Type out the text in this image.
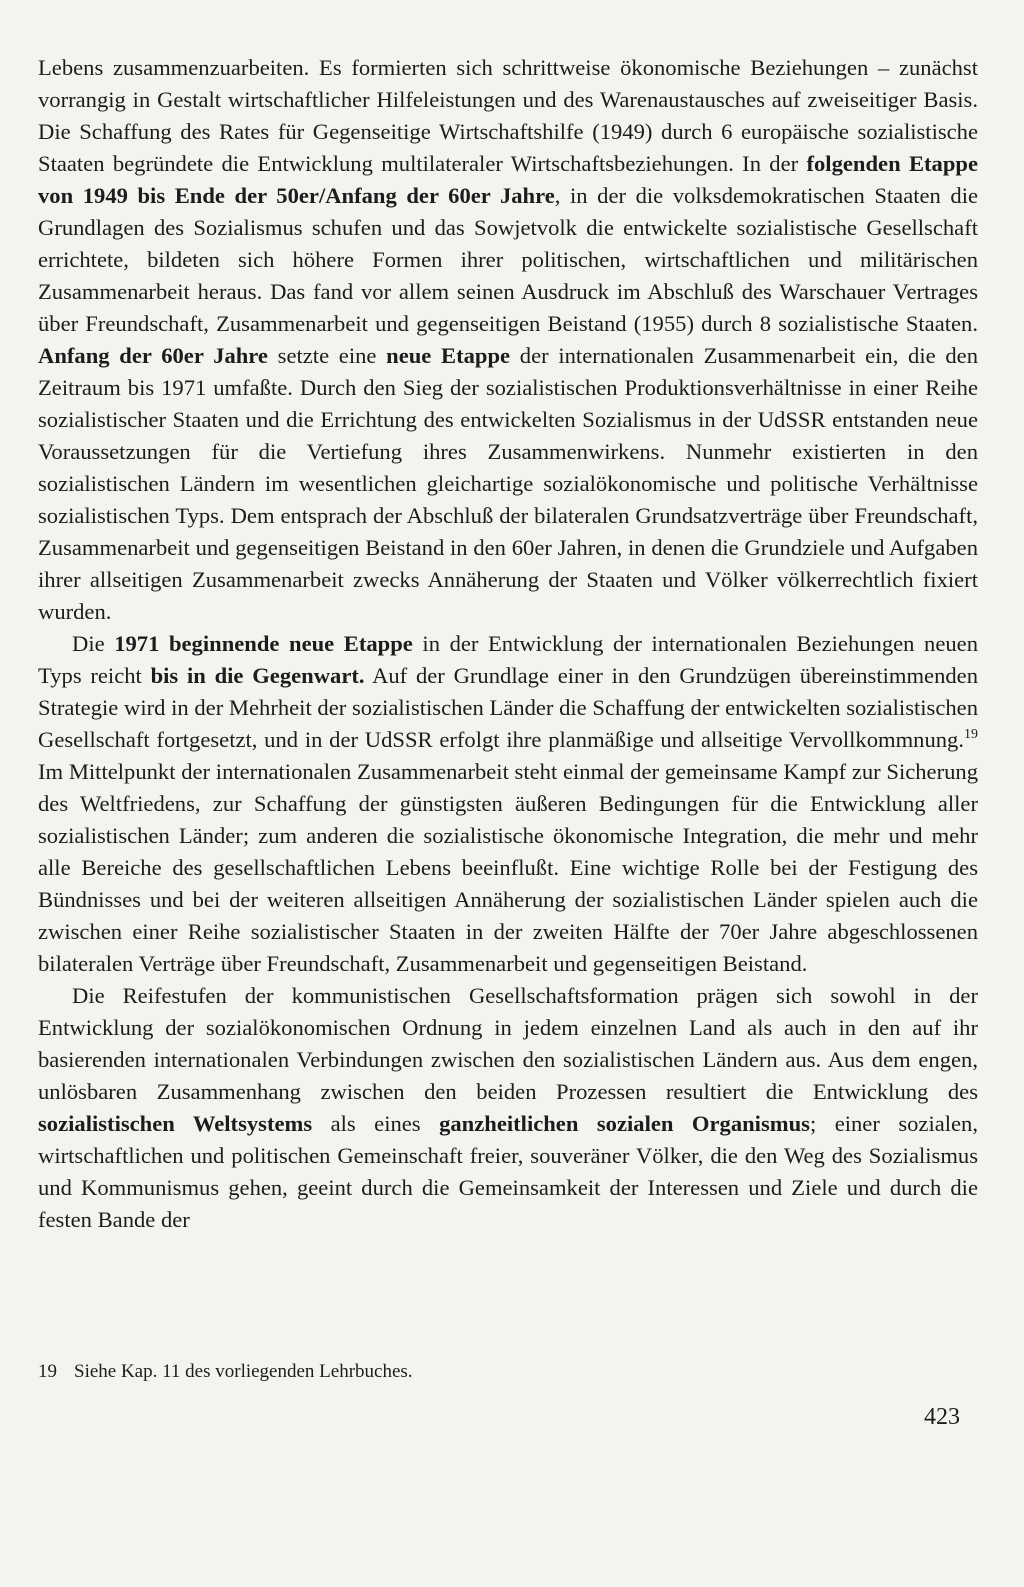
Lebens zusammenzuarbeiten. Es formierten sich schrittweise ökonomische Beziehungen – zunächst vorrangig in Gestalt wirtschaftlicher Hilfeleistungen und des Warenaustausches auf zweiseitiger Basis. Die Schaffung des Rates für Gegenseitige Wirtschaftshilfe (1949) durch 6 europäische sozialistische Staaten begründete die Entwicklung multilateraler Wirtschaftsbeziehungen. In der folgenden Etappe von 1949 bis Ende der 50er/Anfang der 60er Jahre, in der die volksdemokratischen Staaten die Grundlagen des Sozialismus schufen und das Sowjetvolk die entwickelte sozialistische Gesellschaft errichtete, bildeten sich höhere Formen ihrer politischen, wirtschaftlichen und militärischen Zusammenarbeit heraus. Das fand vor allem seinen Ausdruck im Abschluß des Warschauer Vertrages über Freundschaft, Zusammenarbeit und gegenseitigen Beistand (1955) durch 8 sozialistische Staaten. Anfang der 60er Jahre setzte eine neue Etappe der internationalen Zusammenarbeit ein, die den Zeitraum bis 1971 umfaßte. Durch den Sieg der sozialistischen Produktionsverhältnisse in einer Reihe sozialistischer Staaten und die Errichtung des entwickelten Sozialismus in der UdSSR entstanden neue Voraussetzungen für die Vertiefung ihres Zusammenwirkens. Nunmehr existierten in den sozialistischen Ländern im wesentlichen gleichartige sozialökonomische und politische Verhältnisse sozialistischen Typs. Dem entsprach der Abschluß der bilateralen Grundsatzverträge über Freundschaft, Zusammenarbeit und gegenseitigen Beistand in den 60er Jahren, in denen die Grundziele und Aufgaben ihrer allseitigen Zusammenarbeit zwecks Annäherung der Staaten und Völker völkerrechtlich fixiert wurden.

Die 1971 beginnende neue Etappe in der Entwicklung der internationalen Beziehungen neuen Typs reicht bis in die Gegenwart. Auf der Grundlage einer in den Grundzügen übereinstimmenden Strategie wird in der Mehrheit der sozialistischen Länder die Schaffung der entwickelten sozialistischen Gesellschaft fortgesetzt, und in der UdSSR erfolgt ihre planmäßige und allseitige Vervollkommnung.$^{19}$ Im Mittelpunkt der internationalen Zusammenarbeit steht einmal der gemeinsame Kampf zur Sicherung des Weltfriedens, zur Schaffung der günstigsten äußeren Bedingungen für die Entwicklung aller sozialistischen Länder; zum anderen die sozialistische ökonomische Integration, die mehr und mehr alle Bereiche des gesellschaftlichen Lebens beeinflußt. Eine wichtige Rolle bei der Festigung des Bündnisses und bei der weiteren allseitigen Annäherung der sozialistischen Länder spielen auch die zwischen einer Reihe sozialistischer Staaten in der zweiten Hälfte der 70er Jahre abgeschlossenen bilateralen Verträge über Freundschaft, Zusammenarbeit und gegenseitigen Beistand.

Die Reifestufen der kommunistischen Gesellschaftsformation prägen sich sowohl in der Entwicklung der sozialökonomischen Ordnung in jedem einzelnen Land als auch in den auf ihr basierenden internationalen Verbindungen zwischen den sozialistischen Ländern aus. Aus dem engen, unlösbaren Zusammenhang zwischen den beiden Prozessen resultiert die Entwicklung des sozialistischen Weltsystems als eines ganzheitlichen sozialen Organismus; einer sozialen, wirtschaftlichen und politischen Gemeinschaft freier, souveräner Völker, die den Weg des Sozialismus und Kommunismus gehen, geeint durch die Gemeinsamkeit der Interessen und Ziele und durch die festen Bande der

19 Siehe Kap. 11 des vorliegenden Lehrbuches.

423
